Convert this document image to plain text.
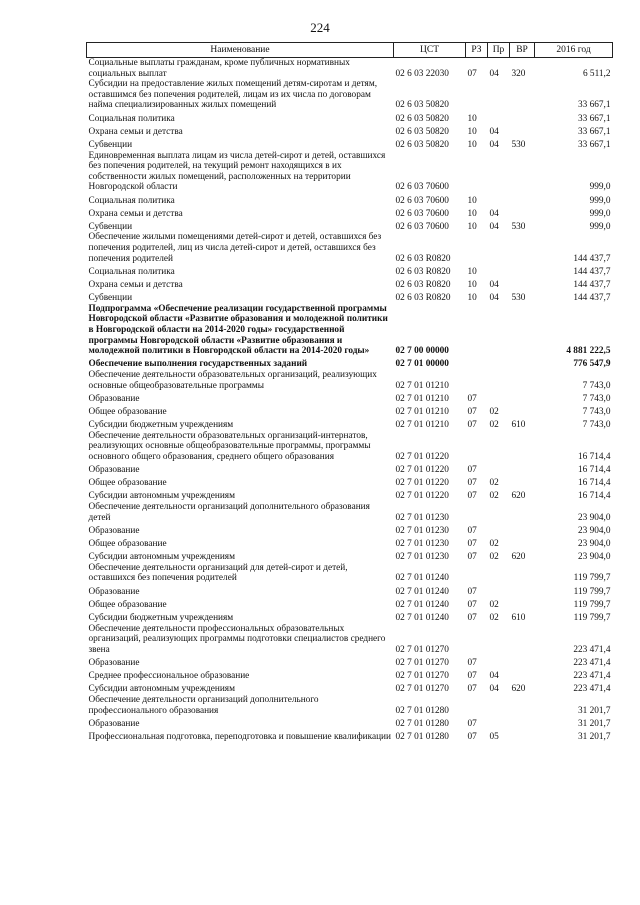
224
Наименование	ЦСТ	РЗ	Пр	ВР	2016 год
Социальные выплаты гражданам, кроме публичных нормативных социальных выплат	02 6 03 22030	07	04	320	6 511,2
Субсидии на предоставление жилых помещений детям-сиротам и детям, оставшимся без попечения родителей, лицам из их числа по договорам найма специализированных жилых помещений	02 6 03 50820				33 667,1
Социальная политика	02 6 03 50820	10			33 667,1
Охрана семьи и детства	02 6 03 50820	10	04		33 667,1
Субвенции	02 6 03 50820	10	04	530	33 667,1
Единовременная выплата лицам из числа детей-сирот и детей, оставшихся без попечения родителей, на текущий ремонт находящихся в их собственности жилых помещений, расположенных на территории Новгородской области	02 6 03 70600				999,0
Социальная политика	02 6 03 70600	10			999,0
Охрана семьи и детства	02 6 03 70600	10	04		999,0
Субвенции	02 6 03 70600	10	04	530	999,0
Обеспечение жилыми помещениями детей-сирот и детей, оставшихся без попечения родителей, лиц из числа детей-сирот и детей, оставшихся без попечения родителей	02 6 03 R0820				144 437,7
Социальная политика	02 6 03 R0820	10			144 437,7
Охрана семьи и детства	02 6 03 R0820	10	04		144 437,7
Субвенции	02 6 03 R0820	10	04	530	144 437,7
Подпрограмма «Обеспечение реализации государственной программы Новгородской области «Развитие образования и молодежной политики в Новгородской области на 2014-2020 годы» государственной программы Новгородской области «Развитие образования и молодежной политики в Новгородской области на 2014-2020 годы»	02 7 00 00000				4 881 222,5
Обеспечение выполнения государственных заданий	02 7 01 00000				776 547,9
Обеспечение деятельности образовательных организаций, реализующих основные общеобразовательные программы	02 7 01 01210				7 743,0
Образование	02 7 01 01210	07			7 743,0
Общее образование	02 7 01 01210	07	02		7 743,0
Субсидии бюджетным учреждениям	02 7 01 01210	07	02	610	7 743,0
Обеспечение деятельности образовательных организаций-интернатов, реализующих основные общеобразовательные программы, программы основного общего образования, среднего общего образования	02 7 01 01220				16 714,4
Образование	02 7 01 01220	07			16 714,4
Общее образование	02 7 01 01220	07	02		16 714,4
Субсидии автономным учреждениям	02 7 01 01220	07	02	620	16 714,4
Обеспечение деятельности организаций дополнительного образования детей	02 7 01 01230				23 904,0
Образование	02 7 01 01230	07			23 904,0
Общее образование	02 7 01 01230	07	02		23 904,0
Субсидии автономным учреждениям	02 7 01 01230	07	02	620	23 904,0
Обеспечение деятельности организаций для детей-сирот и детей, оставшихся без попечения родителей	02 7 01 01240				119 799,7
Образование	02 7 01 01240	07			119 799,7
Общее образование	02 7 01 01240	07	02		119 799,7
Субсидии бюджетным учреждениям	02 7 01 01240	07	02	610	119 799,7
Обеспечение деятельности профессиональных образовательных организаций, реализующих программы подготовки специалистов среднего звена	02 7 01 01270				223 471,4
Образование	02 7 01 01270	07			223 471,4
Среднее профессиональное образование	02 7 01 01270	07	04		223 471,4
Субсидии автономным учреждениям	02 7 01 01270	07	04	620	223 471,4
Обеспечение деятельности организаций дополнительного профессионального образования	02 7 01 01280				31 201,7
Образование	02 7 01 01280	07			31 201,7
Профессиональная подготовка, переподготовка и повышение квалификации	02 7 01 01280	07	05		31 201,7
